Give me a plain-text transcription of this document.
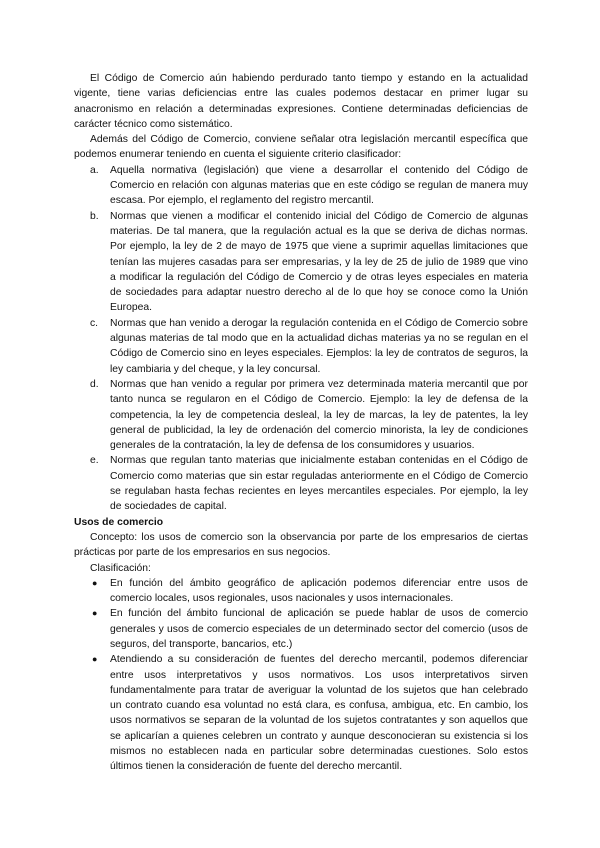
El Código de Comercio aún habiendo perdurado tanto tiempo y estando en la actualidad vigente, tiene varias deficiencias entre las cuales podemos destacar en primer lugar su anacronismo en relación a determinadas expresiones. Contiene determinadas deficiencias de carácter técnico como sistemático.

Además del Código de Comercio, conviene señalar otra legislación mercantil específica que podemos enumerar teniendo en cuenta el siguiente criterio clasificador:

a. Aquella normativa (legislación) que viene a desarrollar el contenido del Código de Comercio en relación con algunas materias que en este código se regulan de manera muy escasa. Por ejemplo, el reglamento del registro mercantil.

b. Normas que vienen a modificar el contenido inicial del Código de Comercio de algunas materias. De tal manera, que la regulación actual es la que se deriva de dichas normas. Por ejemplo, la ley de 2 de mayo de 1975 que viene a suprimir aquellas limitaciones que tenían las mujeres casadas para ser empresarias, y la ley de 25 de julio de 1989 que vino a modificar la regulación del Código de Comercio y de otras leyes especiales en materia de sociedades para adaptar nuestro derecho al de lo que hoy se conoce como la Unión Europea.

c. Normas que han venido a derogar la regulación contenida en el Código de Comercio sobre algunas materias de tal modo que en la actualidad dichas materias ya no se regulan en el Código de Comercio sino en leyes especiales. Ejemplos: la ley de contratos de seguros, la ley cambiaria y del cheque, y la ley concursal.

d. Normas que han venido a regular por primera vez determinada materia mercantil que por tanto nunca se regularon en el Código de Comercio. Ejemplo: la ley de defensa de la competencia, la ley de competencia desleal, la ley de marcas, la ley de patentes, la ley general de publicidad, la ley de ordenación del comercio minorista, la ley de condiciones generales de la contratación, la ley de defensa de los consumidores y usuarios.

e. Normas que regulan tanto materias que inicialmente estaban contenidas en el Código de Comercio como materias que sin estar reguladas anteriormente en el Código de Comercio se regulaban hasta fechas recientes en leyes mercantiles especiales. Por ejemplo, la ley de sociedades de capital.

Usos de comercio

Concepto: los usos de comercio son la observancia por parte de los empresarios de ciertas prácticas por parte de los empresarios en sus negocios.

Clasificación:

● En función del ámbito geográfico de aplicación podemos diferenciar entre usos de comercio locales, usos regionales, usos nacionales y usos internacionales.

● En función del ámbito funcional de aplicación se puede hablar de usos de comercio generales y usos de comercio especiales de un determinado sector del comercio (usos de seguros, del transporte, bancarios, etc.)

● Atendiendo a su consideración de fuentes del derecho mercantil, podemos diferenciar entre usos interpretativos y usos normativos. Los usos interpretativos sirven fundamentalmente para tratar de averiguar la voluntad de los sujetos que han celebrado un contrato cuando esa voluntad no está clara, es confusa, ambigua, etc. En cambio, los usos normativos se separan de la voluntad de los sujetos contratantes y son aquellos que se aplicarían a quienes celebren un contrato y aunque desconocieran su existencia si los mismos no establecen nada en particular sobre determinadas cuestiones. Solo estos últimos tienen la consideración de fuente del derecho mercantil.
